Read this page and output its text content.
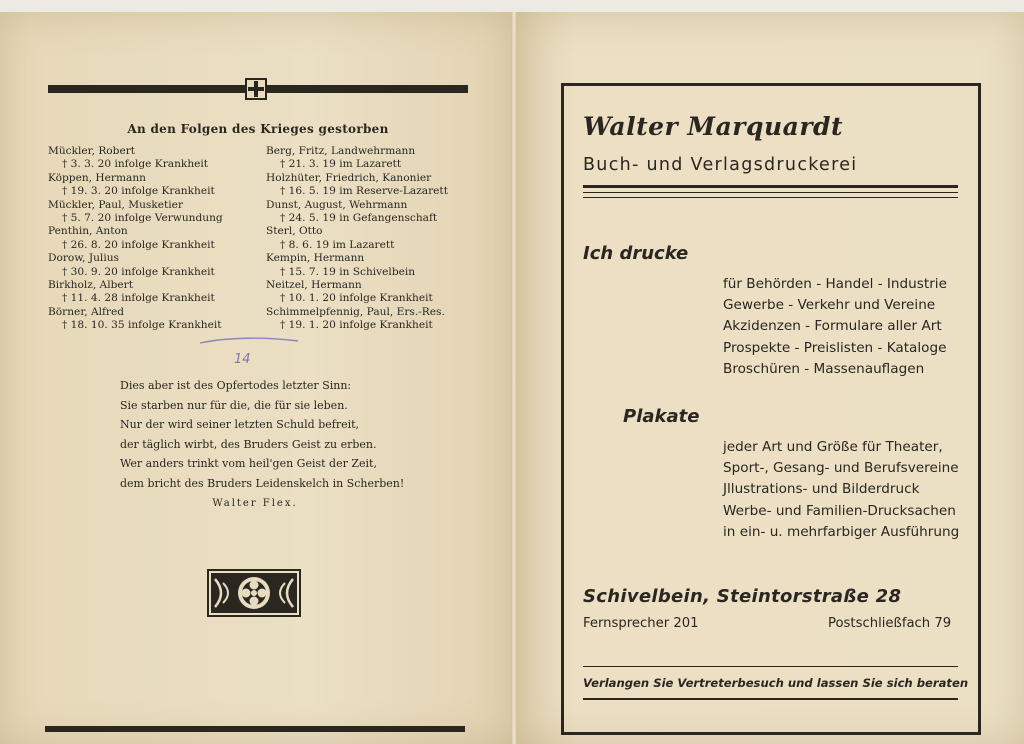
An den Folgen des Krieges gestorben
Mückler, Robert
† 3. 3. 20 infolge Krankheit
Köppen, Hermann
† 19. 3. 20 infolge Krankheit
Mückler, Paul, Musketier
† 5. 7. 20 infolge Verwundung
Penthin, Anton
† 26. 8. 20 infolge Krankheit
Dorow, Julius
† 30. 9. 20 infolge Krankheit
Birkholz, Albert
† 11. 4. 28 infolge Krankheit
Börner, Alfred
† 18. 10. 35 infolge Krankheit
Berg, Fritz, Landwehrmann
† 21. 3. 19 im Lazarett
Holzhüter, Friedrich, Kanonier
† 16. 5. 19 im Reserve-Lazarett
Dunst, August, Wehrmann
† 24. 5. 19 in Gefangenschaft
Sterl, Otto
† 8. 6. 19 im Lazarett
Kempin, Hermann
† 15. 7. 19 in Schivelbein
Neitzel, Hermann
† 10. 1. 20 infolge Krankheit
Schimmelpfennig, Paul, Ers.-Res.
† 19. 1. 20 infolge Krankheit
14
Dies aber ist des Opfertodes letzter Sinn:
Sie starben nur für die, die für sie leben.
Nur der wird seiner letzten Schuld befreit,
der täglich wirbt, des Bruders Geist zu erben.
Wer anders trinkt vom heil'gen Geist der Zeit,
dem bricht des Bruders Leidenskelch in Scherben!
Walter Flex.
Walter Marquardt
Buch- und Verlagsdruckerei
Ich drucke
für Behörden - Handel - Industrie
Gewerbe - Verkehr und Vereine
Akzidenzen - Formulare aller Art
Prospekte - Preislisten - Kataloge
Broschüren - Massenauflagen
Plakate
jeder Art und Größe für Theater,
Sport-, Gesang- und Berufsvereine
Jllustrations- und Bilderdruck
Werbe- und Familien-Drucksachen
in ein- u. mehrfarbiger Ausführung
Schivelbein, Steintorstraße 28
Fernsprecher 201	Postschließfach 79
Verlangen Sie Vertreterbesuch und lassen Sie sich beraten
